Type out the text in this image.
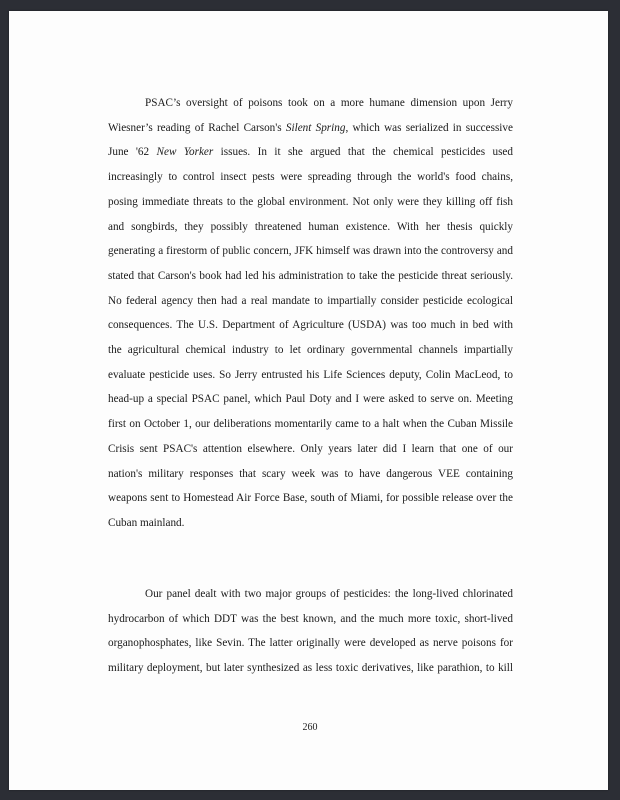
PSAC’s oversight of poisons took on a more humane dimension upon Jerry
Wiesner’s reading of Rachel Carson's Silent Spring, which was serialized in successive
June '62 New Yorker issues. In it she argued that the chemical pesticides used
increasingly to control insect pests were spreading through the world's food chains,
posing immediate threats to the global environment. Not only were they killing off fish
and songbirds, they possibly threatened human existence. With her thesis quickly
generating a firestorm of public concern, JFK himself was drawn into the controversy and
stated that Carson's book had led his administration to take the pesticide threat seriously.
No federal agency then had a real mandate to impartially consider pesticide ecological
consequences. The U.S. Department of Agriculture (USDA) was too much in bed with
the agricultural chemical industry to let ordinary governmental channels impartially
evaluate pesticide uses. So Jerry entrusted his Life Sciences deputy, Colin MacLeod, to
head-up a special PSAC panel, which Paul Doty and I were asked to serve on. Meeting
first on October 1, our deliberations momentarily came to a halt when the Cuban Missile
Crisis sent PSAC's attention elsewhere. Only years later did I learn that one of our
nation's military responses that scary week was to have dangerous VEE containing
weapons sent to Homestead Air Force Base, south of Miami, for possible release over the
Cuban mainland.

Our panel dealt with two major groups of pesticides: the long-lived chlorinated
hydrocarbon of which DDT was the best known, and the much more toxic, short-lived
organophosphates, like Sevin. The latter originally were developed as nerve poisons for
military deployment, but later synthesized as less toxic derivatives, like parathion, to kill

260
